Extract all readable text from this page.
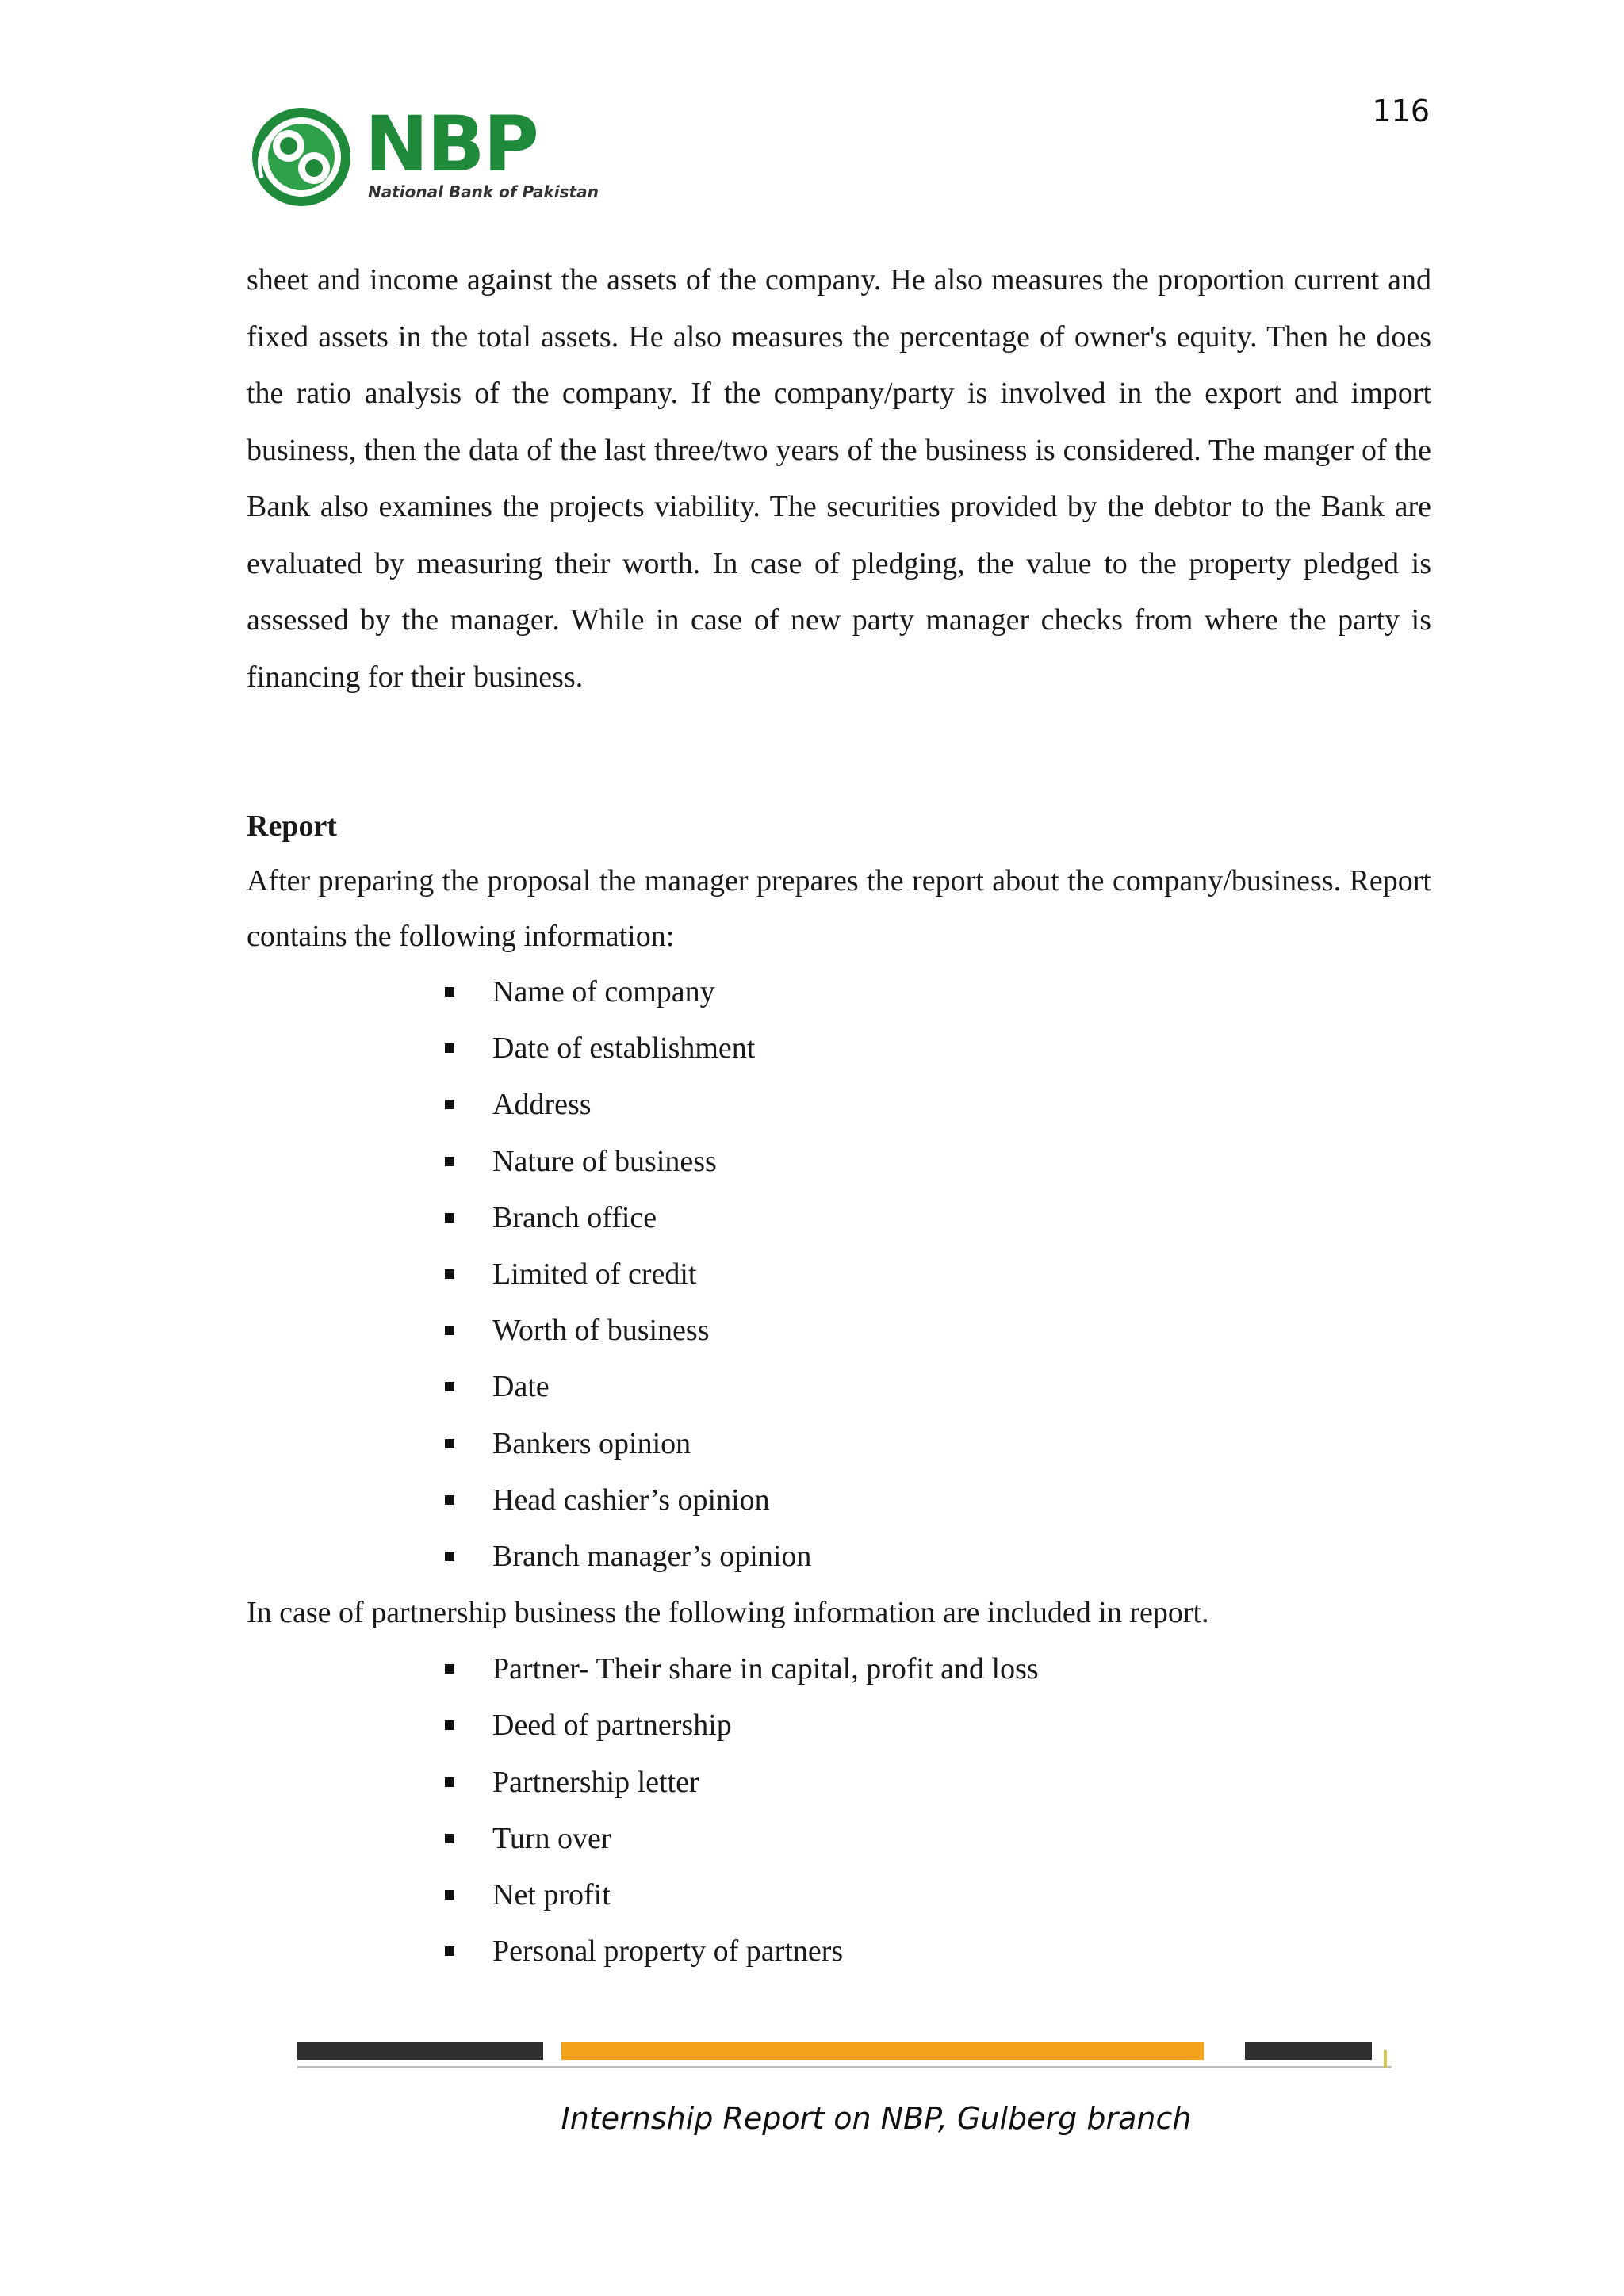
116
NBP
National Bank of Pakistan

sheet and income against the assets of the company. He also measures the proportion current and fixed assets in the total assets. He also measures the percentage of owner's equity. Then he does the ratio analysis of the company. If the company/party is involved in the export and import business, then the data of the last three/two years of the business is considered. The manger of the Bank also examines the projects viability. The securities provided by the debtor to the Bank are evaluated by measuring their worth. In case of pledging, the value to the property pledged is assessed by the manager. While in case of new party manager checks from where the party is financing for their business.

Report

After preparing the proposal the manager prepares the report about the company/business. Report contains the following information:

Name of company
Date of establishment
Address
Nature of business
Branch office
Limited of credit
Worth of business
Date
Bankers opinion
Head cashier’s opinion
Branch manager’s opinion

In case of partnership business the following information are included in report.

Partner- Their share in capital, profit and loss
Deed of partnership
Partnership letter
Turn over
Net profit
Personal property of partners
Internship Report on NBP, Gulberg branch
